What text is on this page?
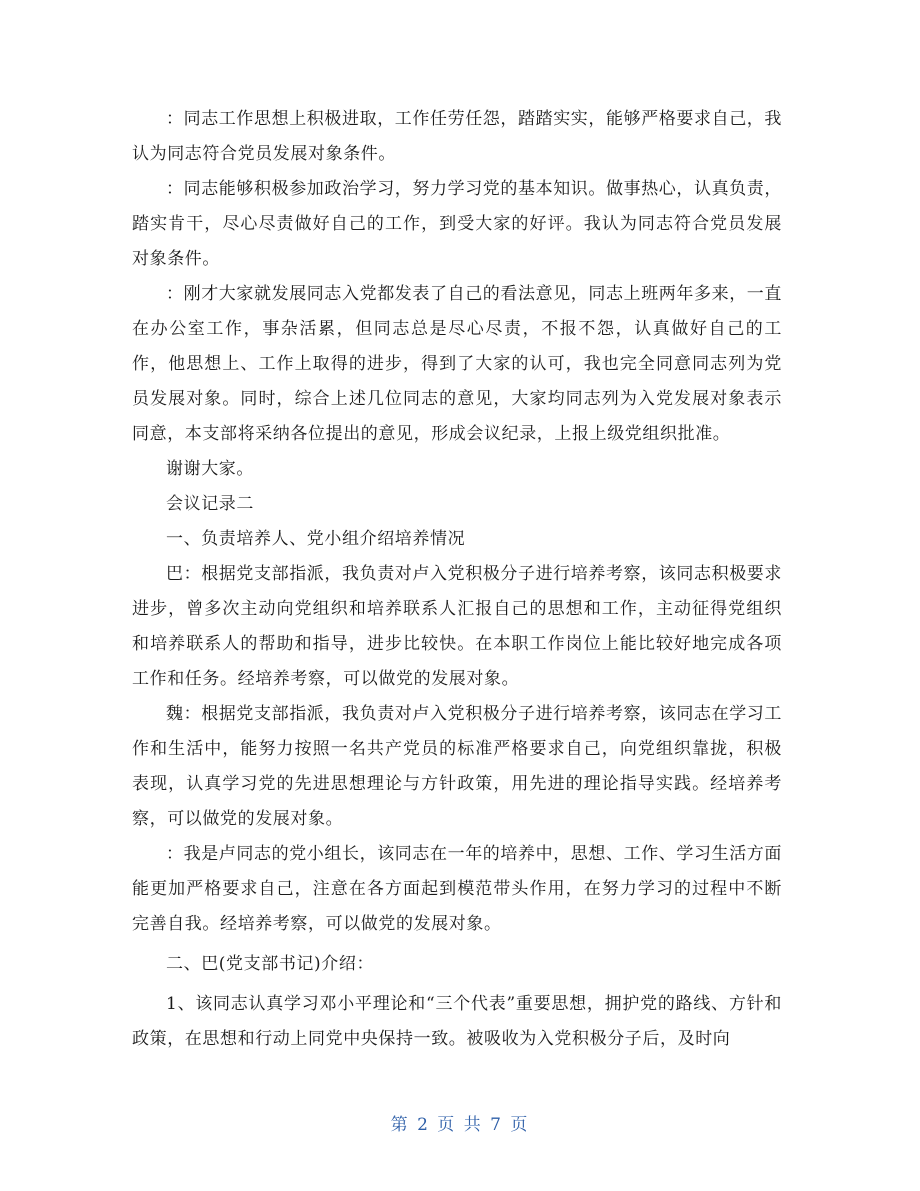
：同志工作思想上积极进取，工作任劳任怨，踏踏实实，能够严格要求自己，我认为同志符合党员发展对象条件。

：同志能够积极参加政治学习，努力学习党的基本知识。做事热心，认真负责，踏实肯干，尽心尽责做好自己的工作，到受大家的好评。我认为同志符合党员发展对象条件。

：刚才大家就发展同志入党都发表了自己的看法意见，同志上班两年多来，一直在办公室工作，事杂活累，但同志总是尽心尽责，不报不怨，认真做好自己的工作，他思想上、工作上取得的进步，得到了大家的认可，我也完全同意同志列为党员发展对象。同时，综合上述几位同志的意见，大家均同志列为入党发展对象表示同意，本支部将采纳各位提出的意见，形成会议纪录，上报上级党组织批准。

谢谢大家。

会议记录二

一、负责培养人、党小组介绍培养情况

巴：根据党支部指派，我负责对卢入党积极分子进行培养考察，该同志积极要求进步，曾多次主动向党组织和培养联系人汇报自己的思想和工作，主动征得党组织和培养联系人的帮助和指导，进步比较快。在本职工作岗位上能比较好地完成各项工作和任务。经培养考察，可以做党的发展对象。

魏：根据党支部指派，我负责对卢入党积极分子进行培养考察，该同志在学习工作和生活中，能努力按照一名共产党员的标准严格要求自己，向党组织靠拢，积极表现，认真学习党的先进思想理论与方针政策，用先进的理论指导实践。经培养考察，可以做党的发展对象。

：我是卢同志的党小组长，该同志在一年的培养中，思想、工作、学习生活方面能更加严格要求自己，注意在各方面起到模范带头作用，在努力学习的过程中不断完善自我。经培养考察，可以做党的发展对象。

二、巴(党支部书记)介绍：

1、该同志认真学习邓小平理论和“三个代表”重要思想，拥护党的路线、方针和政策，在思想和行动上同党中央保持一致。被吸收为入党积极分子后，及时向

第 2 页 共 7 页
